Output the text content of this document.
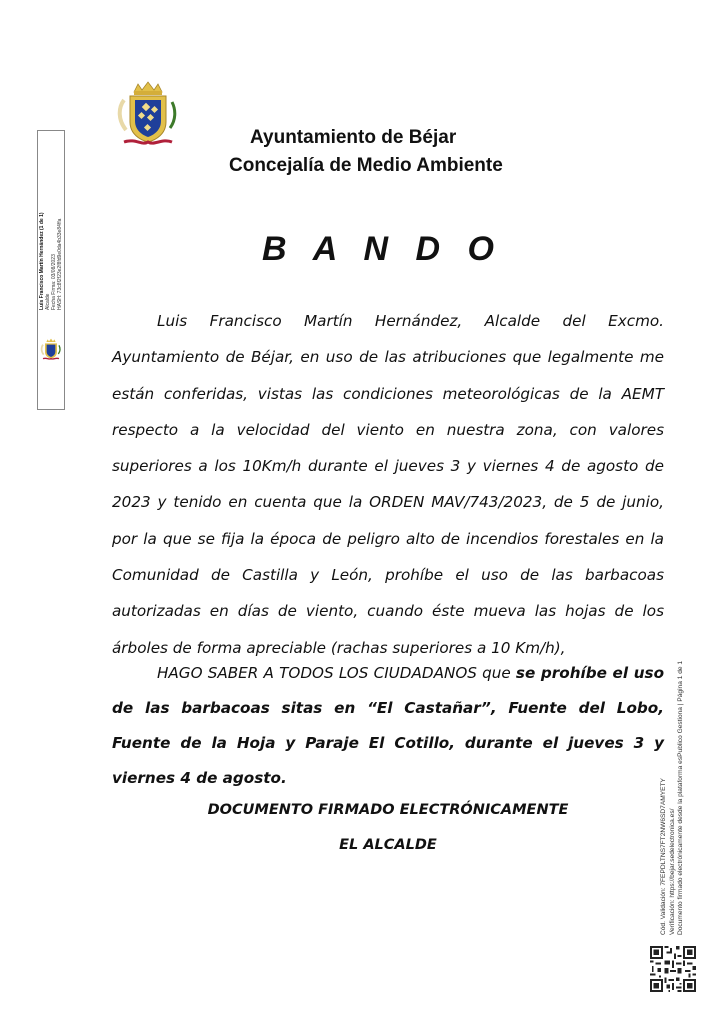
Luis Francisco Martín Hernández (1 de 1) Alcalde Fecha Firma: 03/08/2023 HASH: 73c8f2f23e2f8fd9e0da4b33e84ffa
Ayuntamiento de Béjar
Concejalía de Medio Ambiente
B A N D O

Luis Francisco Martín Hernández, Alcalde del Excmo. Ayuntamiento de Béjar, en uso de las atribuciones que legalmente me están conferidas, vistas las condiciones meteorológicas de la AEMT respecto a la velocidad del viento en nuestra zona, con valores superiores a los 10Km/h durante el jueves 3 y viernes 4 de agosto de 2023 y tenido en cuenta que la ORDEN MAV/743/2023, de 5 de junio, por la que se fija la época de peligro alto de incendios forestales en la Comunidad de Castilla y León, prohíbe el uso de las barbacoas autorizadas en días de viento, cuando éste mueva las hojas de los árboles de forma apreciable (rachas superiores a 10 Km/h),

HAGO SABER A TODOS LOS CIUDADANOS que se prohíbe el uso de las barbacoas sitas en “El Castañar”, Fuente del Lobo, Fuente de la Hoja y Paraje El Cotillo, durante el jueves 3 y viernes 4 de agosto.

DOCUMENTO FIRMADO ELECTRÓNICAMENTE
EL ALCALDE	Cód. Validación: 7FEPDLTNS7FT2NW6SD7AMYETY Verificación: https://bejar.sedelectronica.es/ Documento firmado electrónicamente desde la plataforma esPublico Gestiona | Página 1 de 1
